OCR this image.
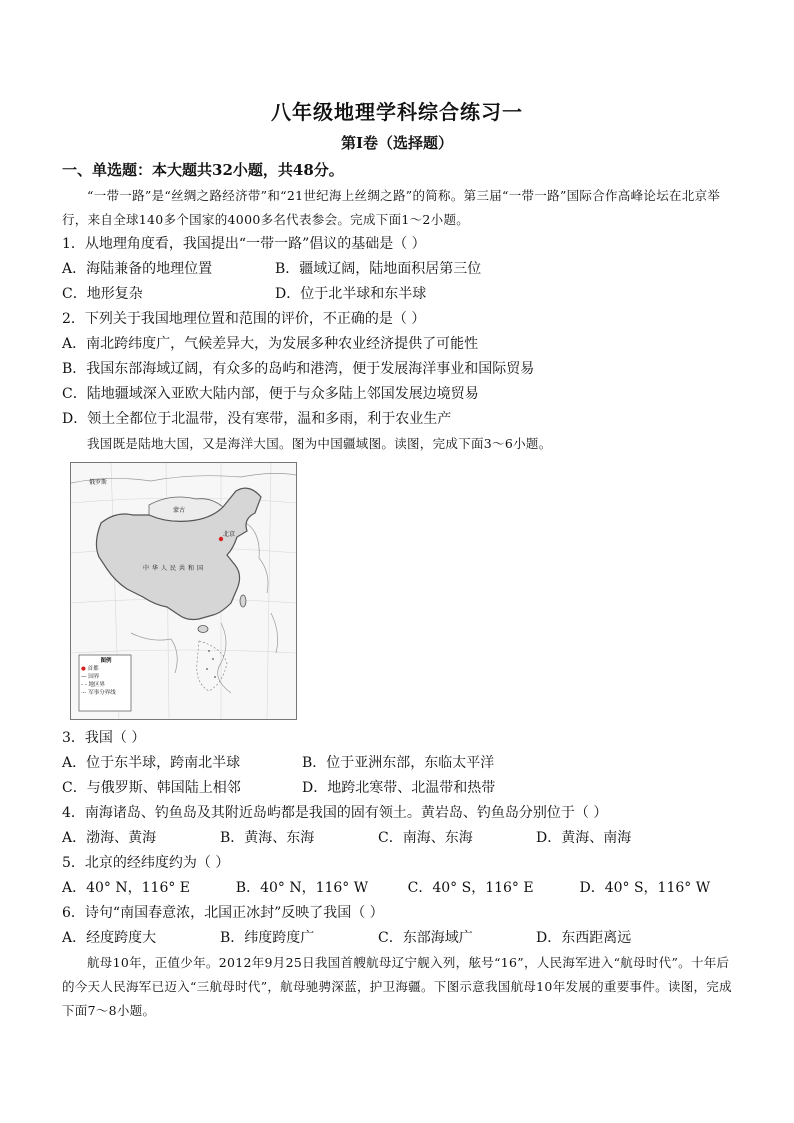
八年级地理学科综合练习一
第Ⅰ卷（选择题）
一、单选题：本大题共32小题，共48分。

“一带一路”是“丝绸之路经济带”和“21世纪海上丝绸之路”的简称。第三届“一带一路”国际合作高峰论坛在北京举行，来自全球140多个国家的4000多名代表参会。完成下面1～2小题。

1．从地理角度看，我国提出“一带一路”倡议的基础是（ ）

A．海陆兼备的地理位置	B．疆域辽阔，陆地面积居第三位
C．地形复杂	D．位于北半球和东半球

2．下列关于我国地理位置和范围的评价，不正确的是（ ）

A．南北跨纬度广，气候差异大，为发展多种农业经济提供了可能性

B．我国东部海域辽阔，有众多的岛屿和港湾，便于发展海洋事业和国际贸易

C．陆地疆域深入亚欧大陆内部，便于与众多陆上邻国发展边境贸易

D．领土全都位于北温带，没有寒带，温和多雨，利于农业生产

我国既是陆地大国，又是海洋大国。图为中国疆域图。读图，完成下面3～6小题。

俄罗斯
蒙古
中华人民共和国
北京
图例
● 首都
— 国界
- - 地区界
·-· 军事分界线

3．我国（ ）

A．位于东半球，跨南北半球	B．位于亚洲东部，东临太平洋
C．与俄罗斯、韩国陆上相邻	D．地跨北寒带、北温带和热带

4．南海诸岛、钓鱼岛及其附近岛屿都是我国的固有领土。黄岩岛、钓鱼岛分别位于（ ）

A．渤海、黄海	B．黄海、东海	C．南海、东海	D．黄海、南海

5．北京的经纬度约为（ ）

A．40° N，116° E	B．40° N，116° W	C．40° S，116° E	D．40° S，116° W

6．诗句“南国春意浓，北国正冰封”反映了我国（ ）

A．经度跨度大	B．纬度跨度广	C．东部海域广	D．东西距离远

航母10年，正值少年。2012年9月25日我国首艘航母辽宁舰入列，舷号“16”，人民海军进入“航母时代”。十年后的今天人民海军已迈入“三航母时代”，航母驰骋深蓝，护卫海疆。下图示意我国航母10年发展的重要事件。读图，完成下面7～8小题。
